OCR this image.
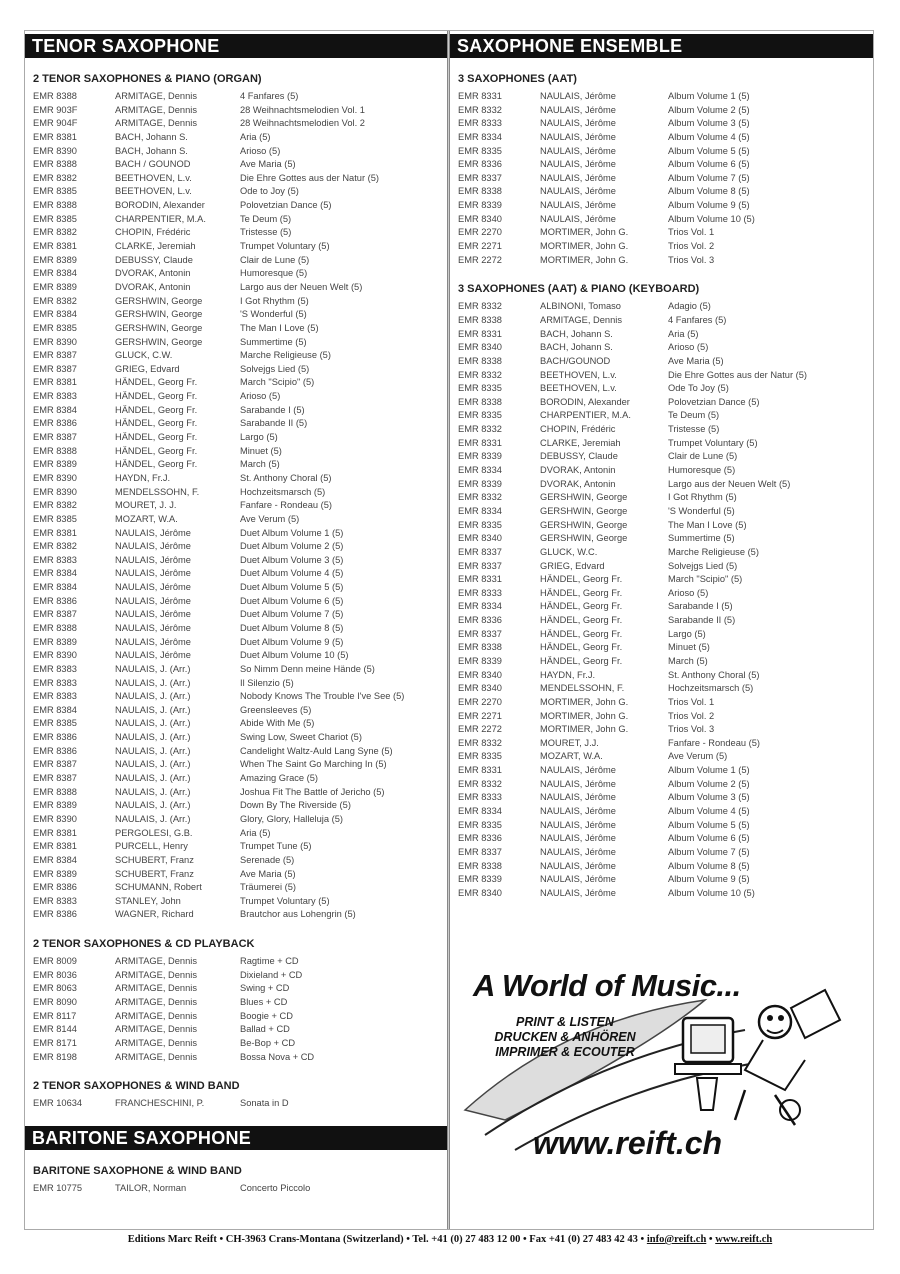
TENOR SAXOPHONE
2 TENOR SAXOPHONES & PIANO (ORGAN)
EMR 8388	ARMITAGE, Dennis	4 Fanfares (5)
EMR 903F	ARMITAGE, Dennis	28 Weihnachtsmelodien Vol. 1
EMR 904F	ARMITAGE, Dennis	28 Weihnachtsmelodien Vol. 2
EMR 8381	BACH, Johann S.	Aria (5)
EMR 8390	BACH, Johann S.	Arioso (5)
EMR 8388	BACH / GOUNOD	Ave Maria (5)
EMR 8382	BEETHOVEN, L.v.	Die Ehre Gottes aus der Natur (5)
EMR 8385	BEETHOVEN, L.v.	Ode to Joy (5)
EMR 8388	BORODIN, Alexander	Polovetzian Dance (5)
EMR 8385	CHARPENTIER, M.A.	Te Deum (5)
EMR 8382	CHOPIN, Frédéric	Tristesse (5)
EMR 8381	CLARKE, Jeremiah	Trumpet Voluntary (5)
EMR 8389	DEBUSSY, Claude	Clair de Lune (5)
EMR 8384	DVORAK, Antonin	Humoresque (5)
EMR 8389	DVORAK, Antonin	Largo aus der Neuen Welt (5)
EMR 8382	GERSHWIN, George	I Got Rhythm (5)
EMR 8384	GERSHWIN, George	'S Wonderful (5)
EMR 8385	GERSHWIN, George	The Man I Love (5)
EMR 8390	GERSHWIN, George	Summertime (5)
EMR 8387	GLUCK, C.W.	Marche Religieuse (5)
EMR 8387	GRIEG, Edvard	Solvejgs Lied (5)
EMR 8381	HÄNDEL, Georg Fr.	March "Scipio" (5)
EMR 8383	HÄNDEL, Georg Fr.	Arioso (5)
EMR 8384	HÄNDEL, Georg Fr.	Sarabande I (5)
EMR 8386	HÄNDEL, Georg Fr.	Sarabande II (5)
EMR 8387	HÄNDEL, Georg Fr.	Largo (5)
EMR 8388	HÄNDEL, Georg Fr.	Minuet (5)
EMR 8389	HÄNDEL, Georg Fr.	March (5)
EMR 8390	HAYDN, Fr.J.	St. Anthony Choral (5)
EMR 8390	MENDELSSOHN, F.	Hochzeitsmarsch (5)
EMR 8382	MOURET, J. J.	Fanfare - Rondeau (5)
EMR 8385	MOZART, W.A.	Ave Verum (5)
EMR 8381	NAULAIS, Jérôme	Duet Album Volume 1 (5)
EMR 8382	NAULAIS, Jérôme	Duet Album Volume 2 (5)
EMR 8383	NAULAIS, Jérôme	Duet Album Volume 3 (5)
EMR 8384	NAULAIS, Jérôme	Duet Album Volume 4 (5)
EMR 8384	NAULAIS, Jérôme	Duet Album Volume 5 (5)
EMR 8386	NAULAIS, Jérôme	Duet Album Volume 6 (5)
EMR 8387	NAULAIS, Jérôme	Duet Album Volume 7 (5)
EMR 8388	NAULAIS, Jérôme	Duet Album Volume 8 (5)
EMR 8389	NAULAIS, Jérôme	Duet Album Volume 9 (5)
EMR 8390	NAULAIS, Jérôme	Duet Album Volume 10 (5)
EMR 8383	NAULAIS, J. (Arr.)	So Nimm Denn meine Hände (5)
EMR 8383	NAULAIS, J. (Arr.)	Il Silenzio (5)
EMR 8383	NAULAIS, J. (Arr.)	Nobody Knows The Trouble I've See (5)
EMR 8384	NAULAIS, J. (Arr.)	Greensleeves (5)
EMR 8385	NAULAIS, J. (Arr.)	Abide With Me (5)
EMR 8386	NAULAIS, J. (Arr.)	Swing Low, Sweet Chariot (5)
EMR 8386	NAULAIS, J. (Arr.)	Candelight Waltz-Auld Lang Syne (5)
EMR 8387	NAULAIS, J. (Arr.)	When The Saint Go Marching In (5)
EMR 8387	NAULAIS, J. (Arr.)	Amazing Grace (5)
EMR 8388	NAULAIS, J. (Arr.)	Joshua Fit The Battle of Jericho (5)
EMR 8389	NAULAIS, J. (Arr.)	Down By The Riverside (5)
EMR 8390	NAULAIS, J. (Arr.)	Glory, Glory, Halleluja (5)
EMR 8381	PERGOLESI, G.B.	Aria (5)
EMR 8381	PURCELL, Henry	Trumpet Tune (5)
EMR 8384	SCHUBERT, Franz	Serenade (5)
EMR 8389	SCHUBERT, Franz	Ave Maria (5)
EMR 8386	SCHUMANN, Robert	Träumerei (5)
EMR 8383	STANLEY, John	Trumpet Voluntary (5)
EMR 8386	WAGNER, Richard	Brautchor aus Lohengrin (5)
2 TENOR SAXOPHONES & CD PLAYBACK
EMR 8009	ARMITAGE, Dennis	Ragtime + CD
EMR 8036	ARMITAGE, Dennis	Dixieland + CD
EMR 8063	ARMITAGE, Dennis	Swing + CD
EMR 8090	ARMITAGE, Dennis	Blues + CD
EMR 8117	ARMITAGE, Dennis	Boogie + CD
EMR 8144	ARMITAGE, Dennis	Ballad + CD
EMR 8171	ARMITAGE, Dennis	Be-Bop + CD
EMR 8198	ARMITAGE, Dennis	Bossa Nova + CD
2 TENOR SAXOPHONES & WIND BAND
EMR 10634	FRANCHESCHINI, P.	Sonata in D
BARITONE SAXOPHONE
BARITONE SAXOPHONE & WIND BAND
EMR 10775	TAILOR, Norman	Concerto Piccolo
SAXOPHONE ENSEMBLE
3 SAXOPHONES (AAT)
EMR 8331	NAULAIS, Jérôme	Album Volume 1 (5)
EMR 8332	NAULAIS, Jérôme	Album Volume 2 (5)
EMR 8333	NAULAIS, Jérôme	Album Volume 3 (5)
EMR 8334	NAULAIS, Jérôme	Album Volume 4 (5)
EMR 8335	NAULAIS, Jérôme	Album Volume 5 (5)
EMR 8336	NAULAIS, Jérôme	Album Volume 6 (5)
EMR 8337	NAULAIS, Jérôme	Album Volume 7 (5)
EMR 8338	NAULAIS, Jérôme	Album Volume 8 (5)
EMR 8339	NAULAIS, Jérôme	Album Volume 9 (5)
EMR 8340	NAULAIS, Jérôme	Album Volume 10 (5)
EMR 2270	MORTIMER, John G.	Trios Vol. 1
EMR 2271	MORTIMER, John G.	Trios Vol. 2
EMR 2272	MORTIMER, John G.	Trios Vol. 3
3 SAXOPHONES (AAT) & PIANO (KEYBOARD)
EMR 8332	ALBINONI, Tomaso	Adagio (5)
EMR 8338	ARMITAGE, Dennis	4 Fanfares (5)
EMR 8331	BACH, Johann S.	Aria (5)
EMR 8340	BACH, Johann S.	Arioso (5)
EMR 8338	BACH/GOUNOD	Ave Maria (5)
EMR 8332	BEETHOVEN, L.v.	Die Ehre Gottes aus der Natur (5)
EMR 8335	BEETHOVEN, L.v.	Ode To Joy (5)
EMR 8338	BORODIN, Alexander	Polovetzian Dance (5)
EMR 8335	CHARPENTIER, M.A.	Te Deum (5)
EMR 8332	CHOPIN, Frédéric	Tristesse (5)
EMR 8331	CLARKE, Jeremiah	Trumpet Voluntary (5)
EMR 8339	DEBUSSY, Claude	Clair de Lune (5)
EMR 8334	DVORAK, Antonin	Humoresque (5)
EMR 8339	DVORAK, Antonin	Largo aus der Neuen Welt (5)
EMR 8332	GERSHWIN, George	I Got Rhythm (5)
EMR 8334	GERSHWIN, George	'S Wonderful (5)
EMR 8335	GERSHWIN, George	The Man I Love (5)
EMR 8340	GERSHWIN, George	Summertime (5)
EMR 8337	GLUCK, W.C.	Marche Religieuse (5)
EMR 8337	GRIEG, Edvard	Solvejgs Lied (5)
EMR 8331	HÄNDEL, Georg Fr.	March "Scipio" (5)
EMR 8333	HÄNDEL, Georg Fr.	Arioso (5)
EMR 8334	HÄNDEL, Georg Fr.	Sarabande I (5)
EMR 8336	HÄNDEL, Georg Fr.	Sarabande II (5)
EMR 8337	HÄNDEL, Georg Fr.	Largo (5)
EMR 8338	HÄNDEL, Georg Fr.	Minuet (5)
EMR 8339	HÄNDEL, Georg Fr.	March (5)
EMR 8340	HAYDN, Fr.J.	St. Anthony Choral (5)
EMR 8340	MENDELSSOHN, F.	Hochzeitsmarsch (5)
EMR 2270	MORTIMER, John G.	Trios Vol. 1
EMR 2271	MORTIMER, John G.	Trios Vol. 2
EMR 2272	MORTIMER, John G.	Trios Vol. 3
EMR 8332	MOURET, J.J.	Fanfare - Rondeau (5)
EMR 8335	MOZART, W.A.	Ave Verum (5)
EMR 8331	NAULAIS, Jérôme	Album Volume 1 (5)
EMR 8332	NAULAIS, Jérôme	Album Volume 2 (5)
EMR 8333	NAULAIS, Jérôme	Album Volume 3 (5)
EMR 8334	NAULAIS, Jérôme	Album Volume 4 (5)
EMR 8335	NAULAIS, Jérôme	Album Volume 5 (5)
EMR 8336	NAULAIS, Jérôme	Album Volume 6 (5)
EMR 8337	NAULAIS, Jérôme	Album Volume 7 (5)
EMR 8338	NAULAIS, Jérôme	Album Volume 8 (5)
EMR 8339	NAULAIS, Jérôme	Album Volume 9 (5)
EMR 8340	NAULAIS, Jérôme	Album Volume 10 (5)
A World of Music...
PRINT & LISTEN
DRUCKEN & ANHÖREN
IMPRIMER & ECOUTER
www.reift.ch
Editions Marc Reift • CH-3963 Crans-Montana (Switzerland) • Tel. +41 (0) 27 483 12 00 • Fax +41 (0) 27 483 42 43 • info@reift.ch • www.reift.ch
